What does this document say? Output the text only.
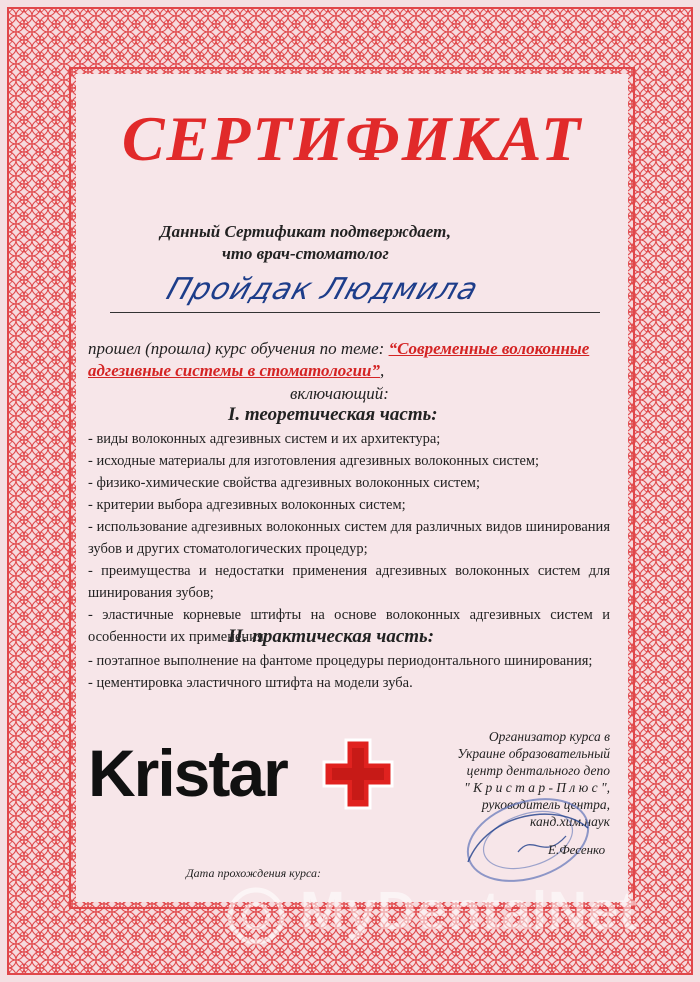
СЕРТИФИКАТ
Данный Сертификат подтверждает,
что врач-стоматолог
Пройдак Людмила
прошел (прошла) курс обучения по теме: “Современные волоконные адгезивные системы в стоматологии”,
включающий:
I. теоретическая часть:
- виды волоконных адгезивных систем и их архитектура;
- исходные материалы для изготовления адгезивных волоконных систем;
- физико-химические свойства адгезивных волоконных систем;
- критерии выбора адгезивных волоконных систем;
- использование адгезивных волоконных систем для различных видов шинирования зубов и других стоматологических процедур;
- преимущества и недостатки применения адгезивных волоконных систем для шинирования зубов;
- эластичные корневые штифты на основе волоконных адгезивных систем и особенности их применения.
II. практическая часть:
- поэтапное выполнение на фантоме процедуры периодонтального шинирования;
- цементировка эластичного штифта на модели зуба.
Kristar	Организатор курса в
Украине образовательный
центр дентального депо
" К р и с т а р - П л ю с ",
руководитель центра,
канд.хим.наук
Е.Фесенко
Дата прохождения курса:
MyDentalNet
